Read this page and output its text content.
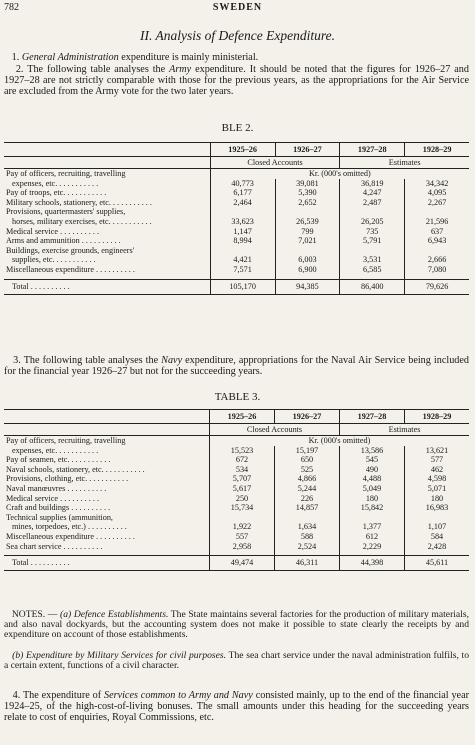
782	SWEDEN
II. Analysis of Defence Expenditure.
1. General Administration expenditure is mainly ministerial.
2. The following table analyses the Army expenditure. It should be noted that the figures for 1926–27 and 1927–28 are not strictly comparable with those for the previous years, as the appropriations for the Air Service are excluded from the Army vote for the two later years.
BLE 2.
	1925–26	1926–27	1927–28	1928–29
	Closed Accounts		Estimates	
Pay of officers, recruiting, travelling	Kr. (000's omitted)			
expenses, etc. . . .	40,773	39,081	36,819	34,342
Pay of troops, etc. . . .	6,177	5,390	4,247	4,095
Military schools, stationery, etc. . . .	2,464	2,652	2,487	2,267
Provisions, quartermasters' supplies,				
horses, military exercises, etc. . . .	33,623	26,539	26,205	21,596
Medical service . . .	1,147	799	735	637
Arms and ammunition . . .	8,994	7,021	5,791	6,943
Buildings, exercise grounds, engineers'				
supplies, etc. . . .	4,421	6,003	3,531	2,666
Miscellaneous expenditure . . .	7,571	6,900	6,585	7,080

Total . . .	105,170	94,385	86,400	79,626
3. The following table analyses the Navy expenditure, appropriations for the Naval Air Service being included for the financial year 1926–27 but not for the succeeding years.
TABLE 3.
	1925–26	1926–27	1927–28	1928–29
	Closed Accounts		Estimates	
Pay of officers, recruiting, travelling	Kr. (000's omitted)			
expenses, etc. . . .	15,523	15,197	13,586	13,621
Pay of seamen, etc. . . .	672	650	545	577
Naval schools, stationery, etc. . . .	534	525	490	462
Provisions, clothing, etc. . . .	5,707	4,866	4,488	4,598
Naval manœuvres . . .	5,617	5,244	5,049	5,071
Medical service . . .	250	226	180	180
Craft and buildings . . .	15,734	14,857	15,842	16,983
Technical supplies (ammunition,				
mines, torpedoes, etc.) . . .	1,922	1,634	1,377	1,107
Miscellaneous expenditure . . .	557	588	612	584
Sea chart service . . .	2,958	2,524	2,229	2,428

Total . . .	49,474	46,311	44,398	45,611
NOTES. — (a) Defence Establishments. The State maintains several factories for the production of military materials, and also naval dockyards, but the accounting system does not make it possible to state clearly the receipts by and expenditure on account of those establishments.
(b) Expenditure by Military Services for civil purposes. The sea chart service under the naval administration fulfils, to a certain extent, functions of a civil character.
4. The expenditure of Services common to Army and Navy consisted mainly, up to the end of the financial year 1924–25, of the high-cost-of-living bonuses. The small amounts under this heading for the succeeding years relate to cost of enquiries, Royal Commissions, etc.
